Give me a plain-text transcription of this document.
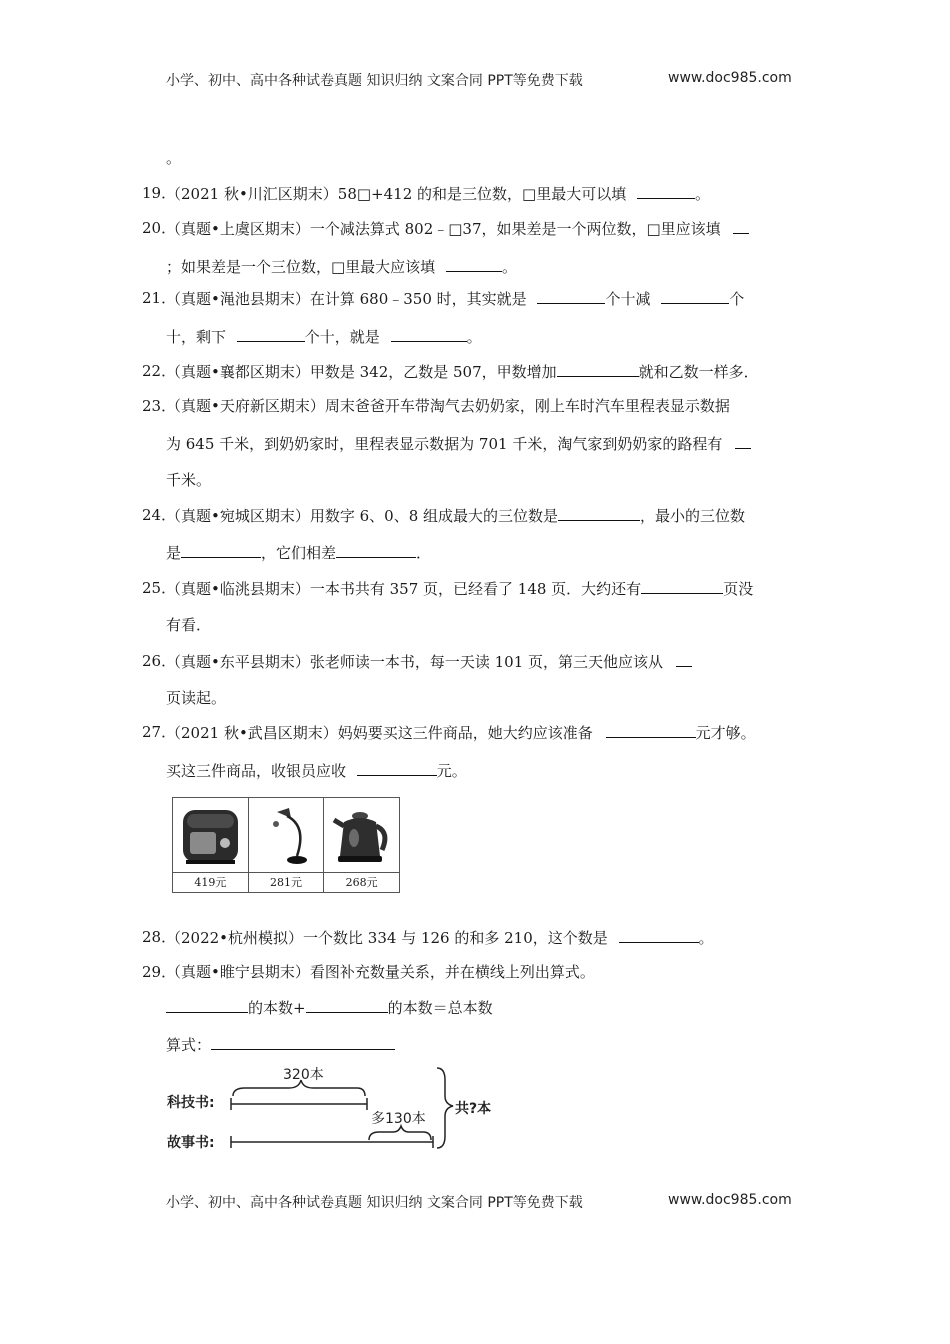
小学、初中、高中各种试卷真题 知识归纳 文案合同 PPT等免费下载	www.doc985.com
。
19．
（2021 秋•川汇区期末）58□+412 的和是三位数，□里最大可以填	。
20．
（真题•上虞区期末）一个减法算式 802﹣□37，如果差是一个两位数，□里应该填
；如果差是一个三位数，□里最大应该填	。
21．
（真题•渑池县期末）在计算 680﹣350 时，其实就是	个十减	个
十，剩下	个十，就是	。
22．
（真题•襄都区期末）甲数是 342，乙数是 507，甲数增加	就和乙数一样多．
23．
（真题•天府新区期末）周末爸爸开车带淘气去奶奶家，刚上车时汽车里程表显示数据
为 645 千米，到奶奶家时，里程表显示数据为 701 千米，淘气家到奶奶家的路程有
千米。
24．
（真题•宛城区期末）用数字 6、0、8 组成最大的三位数是	，最小的三位数
是	，它们相差	．
25．
（真题•临洮县期末）一本书共有 357 页，已经看了 148 页．大约还有	页没
有看．
26．
（真题•东平县期末）张老师读一本书，每一天读 101 页，第三天他应该从
页读起。
27．
（2021 秋•武昌区期末）妈妈要买这三件商品，她大约应该准备	元才够。
买这三件商品，收银员应收	元。
419元	281元	268元
28．
（2022•杭州模拟）一个数比 334 与 126 的和多 210，这个数是	。
29．
（真题•睢宁县期末）看图补充数量关系，并在横线上列出算式。
的本数+	的本数＝总本数
算式：
科技书:
故事书:
320本
多130本
共?本
小学、初中、高中各种试卷真题 知识归纳 文案合同 PPT等免费下载	www.doc985.com
